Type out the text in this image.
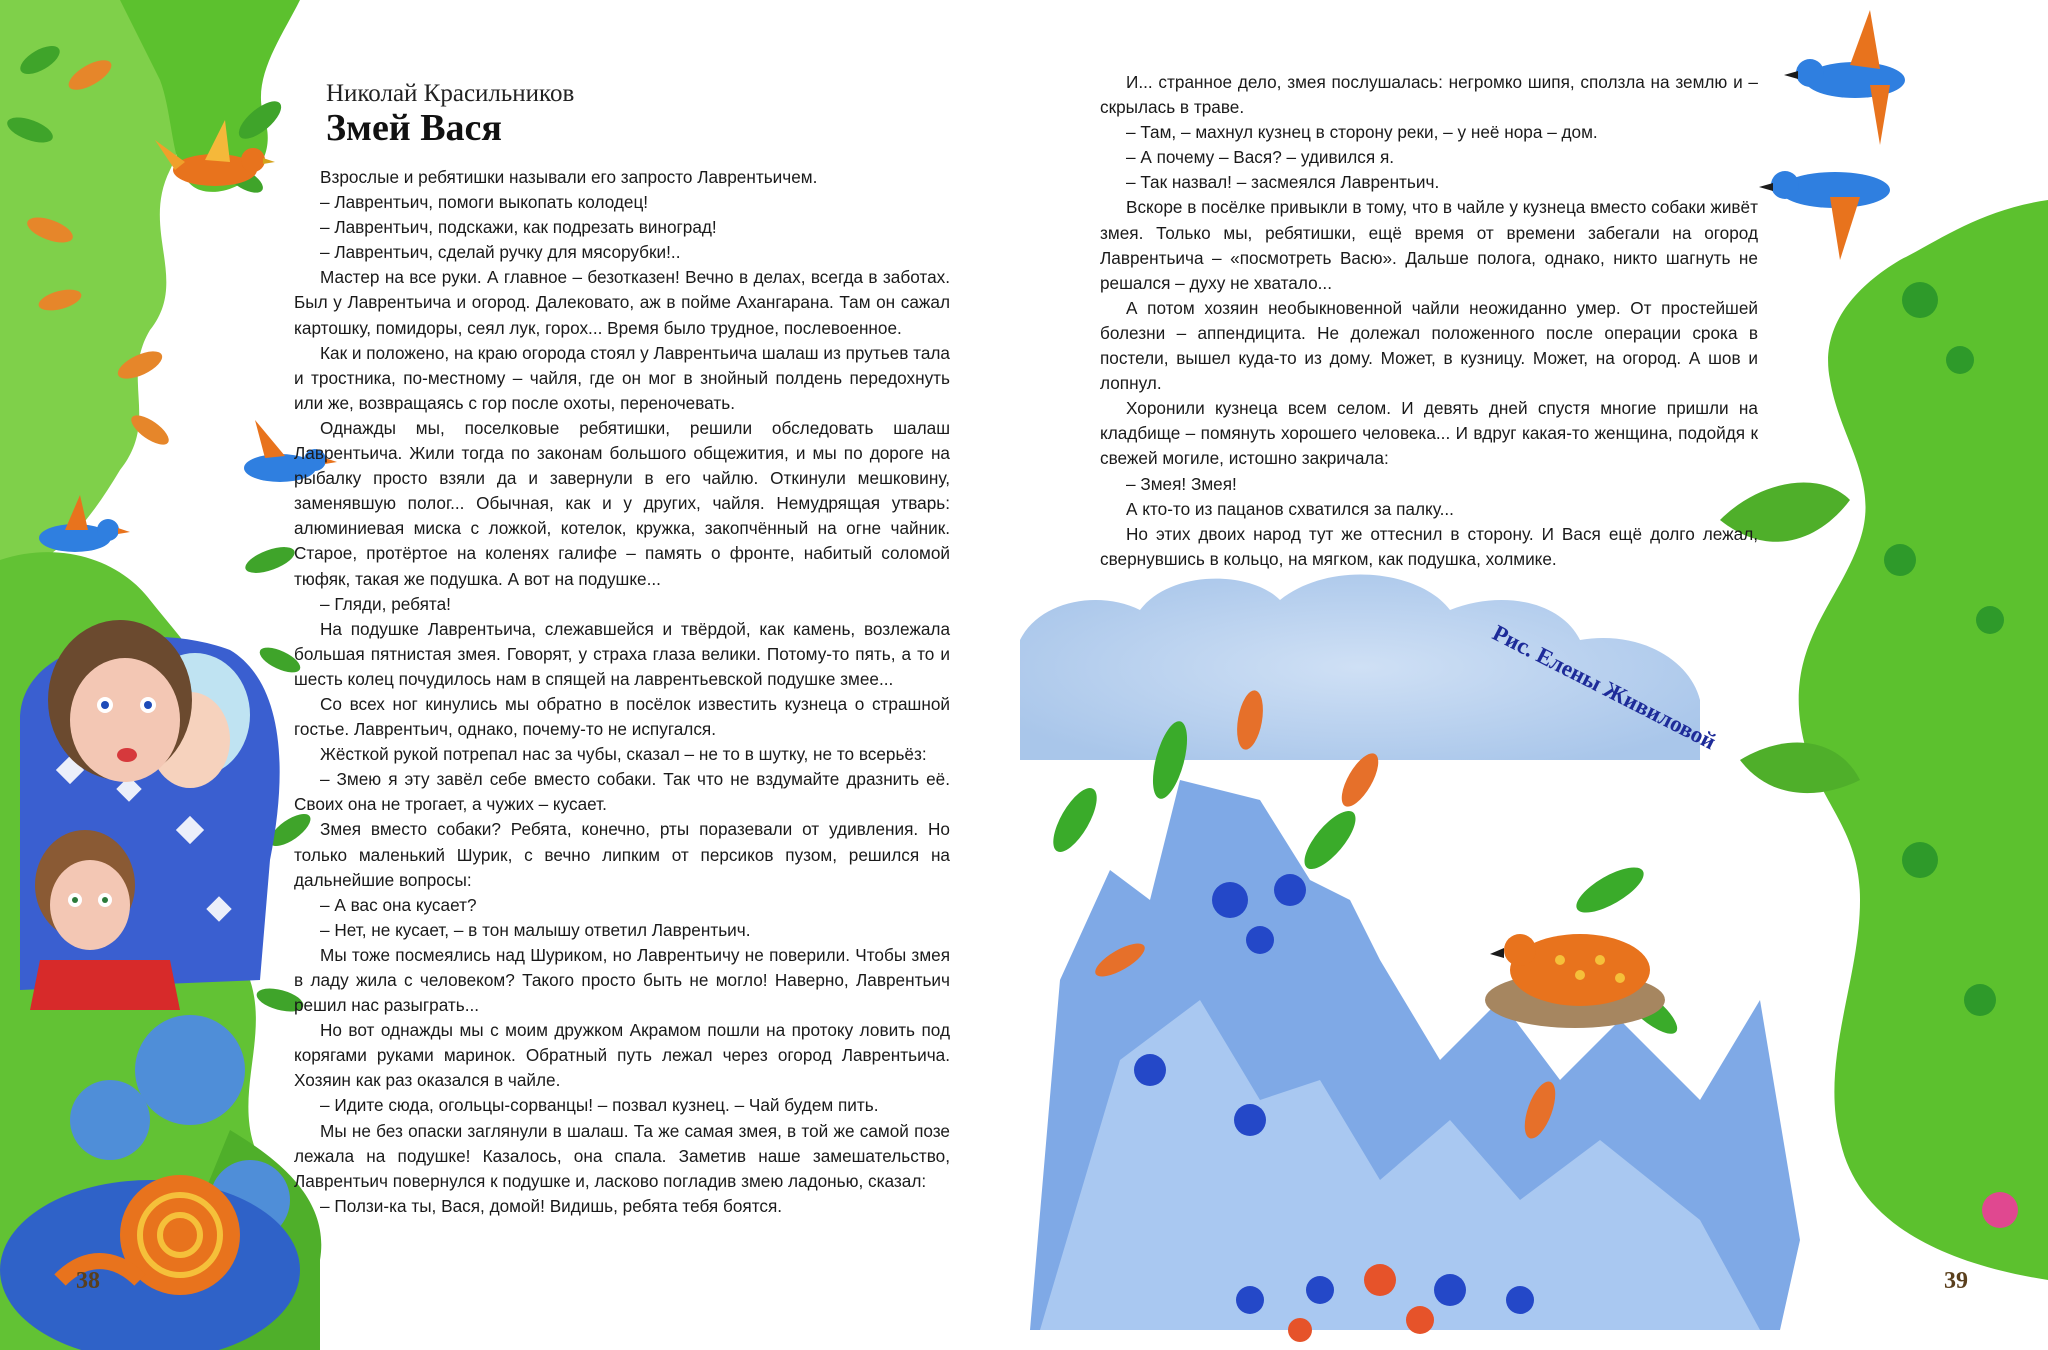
Николай Красильников
Змей Вася

Взрослые и ребятишки называли его запросто Лаврентьичем.

– Лаврентьич, помоги выкопать колодец!

– Лаврентьич, подскажи, как подрезать виноград!

– Лаврентьич, сделай ручку для мясорубки!..

Мастер на все руки. А главное – безотказен! Вечно в делах, всегда в заботах. Был у Лаврентьича и огород. Далековато, аж в пойме Ахангарана. Там он сажал картошку, помидоры, сеял лук, горох... Время было трудное, послевоенное.

Как и положено, на краю огорода стоял у Лаврентьича шалаш из прутьев тала и тростника, по-местному – чайля, где он мог в знойный полдень передохнуть или же, возвращаясь с гор после охоты, переночевать.

Однажды мы, поселковые ребятишки, решили обследовать шалаш Лаврентьича. Жили тогда по законам большого общежития, и мы по дороге на рыбалку просто взяли да и завернули в его чайлю. Откинули мешковину, заменявшую полог... Обычная, как и у других, чайля. Немудрящая утварь: алюминиевая миска с ложкой, котелок, кружка, закопчённый на огне чайник. Старое, протёртое на коленях галифе – память о фронте, набитый соломой тюфяк, такая же подушка. А вот на подушке...

– Гляди, ребята!

На подушке Лаврентьича, слежавшейся и твёрдой, как камень, возлежала большая пятнистая змея. Говорят, у страха глаза велики. Потому-то пять, а то и шесть колец почудилось нам в спящей на лаврентьевской подушке змее...

Со всех ног кинулись мы обратно в посёлок известить кузнеца о страшной гостье. Лаврентьич, однако, почему-то не испугался.

Жёсткой рукой потрепал нас за чубы, сказал – не то в шутку, не то всерьёз:

– Змею я эту завёл себе вместо собаки. Так что не вздумайте дразнить её. Своих она не трогает, а чужих – кусает.

Змея вместо собаки? Ребята, конечно, рты поразевали от удивления. Но только маленький Шурик, с вечно липким от персиков пузом, решился на дальнейшие вопросы:

– А вас она кусает?

– Нет, не кусает, – в тон малышу ответил Лаврентьич.

Мы тоже посмеялись над Шуриком, но Лаврентьичу не поверили. Чтобы змея в ладу жила с человеком? Такого просто быть не могло! Наверно, Лаврентьич решил нас разыграть...

Но вот однажды мы с моим дружком Акрамом пошли на протоку ловить под корягами руками маринок. Обратный путь лежал через огород Лаврентьича. Хозяин как раз оказался в чайле.

– Идите сюда, огольцы-сорванцы! – позвал кузнец. – Чай будем пить.

Мы не без опаски заглянули в шалаш. Та же самая змея, в той же самой позе лежала на подушке! Казалось, она спала. Заметив наше замешательство, Лаврентьич повернулся к подушке и, ласково погладив змею ладонью, сказал:

– Ползи-ка ты, Вася, домой! Видишь, ребята тебя боятся.

И... странное дело, змея послушалась: негромко шипя, сползла на землю и – скрылась в траве.

– Там, – махнул кузнец в сторону реки, – у неё нора – дом.

– А почему – Вася? – удивился я.

– Так назвал! – засмеялся Лаврентьич.

Вскоре в посёлке привыкли в тому, что в чайле у кузнеца вместо собаки живёт змея. Только мы, ребятишки, ещё время от времени забегали на огород Лаврентьича – «посмотреть Васю». Дальше полога, однако, никто шагнуть не решался – духу не хватало...

А потом хозяин необыкновенной чайли неожиданно умер. От простейшей болезни – аппендицита. Не долежал положенного после операции срока в постели, вышел куда-то из дому. Может, в кузницу. Может, на огород. А шов и лопнул.

Хоронили кузнеца всем селом. И девять дней спустя многие пришли на кладбище – помянуть хорошего человека... И вдруг какая-то женщина, подойдя к свежей могиле, истошно закричала:

– Змея! Змея!

А кто-то из пацанов схватился за палку...

Но этих двоих народ тут же оттеснил в сторону. И Вася ещё долго лежал, свернувшись в кольцо, на мягком, как подушка, холмике.

Рис. Елены Живиловой
38	39
